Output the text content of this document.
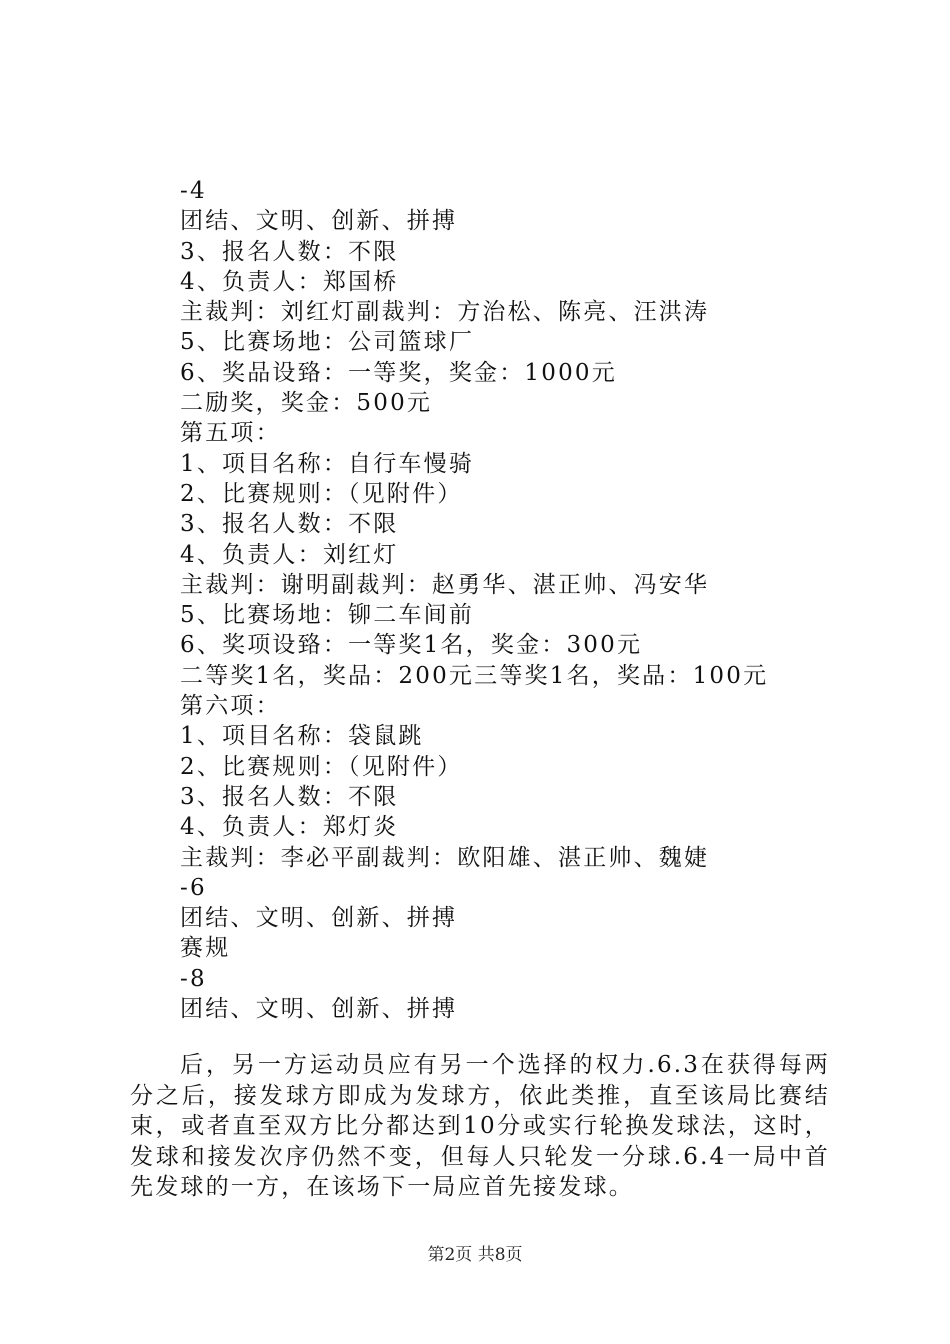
-4
团结、文明、创新、拼搏
3、报名人数：不限
4、负责人：郑国桥
主裁判：刘红灯副裁判：方治松、陈亮、汪洪涛
5、比赛场地：公司篮球厂
6、奖品设臵：一等奖，奖金：1000元
二励奖，奖金：500元
第五项：
1、项目名称：自行车慢骑
2、比赛规则：（见附件）
3、报名人数：不限
4、负责人：刘红灯
主裁判：谢明副裁判：赵勇华、湛正帅、冯安华
5、比赛场地：铆二车间前
6、奖项设臵：一等奖1名，奖金：300元
二等奖1名，奖品：200元三等奖1名，奖品：100元
第六项：
1、项目名称：袋鼠跳
2、比赛规则：（见附件）
3、报名人数：不限
4、负责人：郑灯炎
主裁判：李必平副裁判：欧阳雄、湛正帅、魏婕
-6
团结、文明、创新、拼搏
赛规
-8
团结、文明、创新、拼搏

后，另一方运动员应有另一个选择的权力.6.3在获得每两分之后，接发球方即成为发球方，依此类推，直至该局比赛结束，或者直至双方比分都达到10分或实行轮换发球法，这时，发球和接发次序仍然不变，但每人只轮发一分球.6.4一局中首先发球的一方，在该场下一局应首先接发球。

第2页 共8页
